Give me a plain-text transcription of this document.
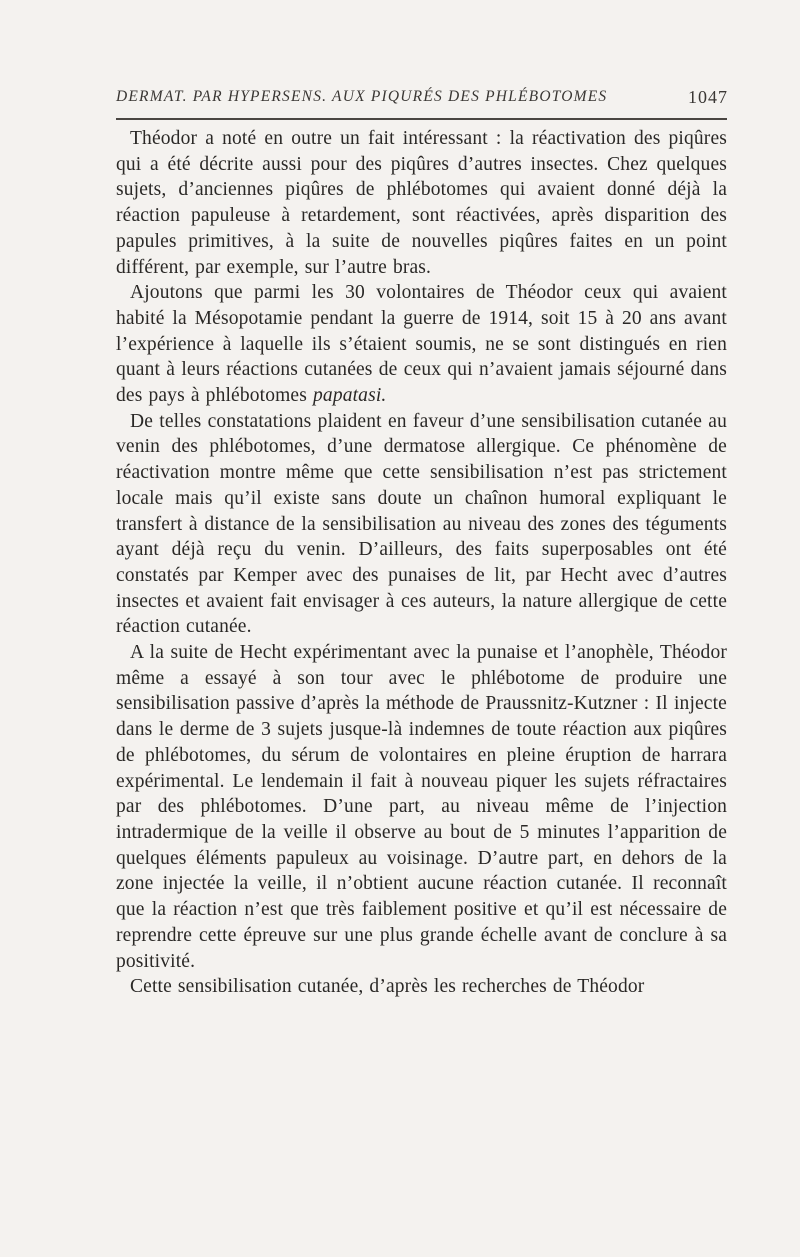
DERMAT. PAR HYPERSENS. AUX PIQURÉS DES PHLÉBOTOMES	1047

Théodor a noté en outre un fait intéressant : la réactivation des piqûres qui a été décrite aussi pour des piqûres d’autres insectes. Chez quelques sujets, d’anciennes piqûres de phlébotomes qui avaient donné déjà la réaction papuleuse à retardement, sont réactivées, après disparition des papules primitives, à la suite de nouvelles piqûres faites en un point différent, par exemple, sur l’autre bras.

Ajoutons que parmi les 30 volontaires de Théodor ceux qui avaient habité la Mésopotamie pendant la guerre de 1914, soit 15 à 20 ans avant l’expérience à laquelle ils s’étaient soumis, ne se sont distingués en rien quant à leurs réactions cutanées de ceux qui n’avaient jamais séjourné dans des pays à phlébotomes papatasi.

De telles constatations plaident en faveur d’une sensibilisation cutanée au venin des phlébotomes, d’une dermatose allergique. Ce phénomène de réactivation montre même que cette sensibilisation n’est pas strictement locale mais qu’il existe sans doute un chaînon humoral expliquant le transfert à distance de la sensibilisation au niveau des zones des téguments ayant déjà reçu du venin. D’ailleurs, des faits superposables ont été constatés par Kemper avec des punaises de lit, par Hecht avec d’autres insectes et avaient fait envisager à ces auteurs, la nature allergique de cette réaction cutanée.

A la suite de Hecht expérimentant avec la punaise et l’anophèle, Théodor même a essayé à son tour avec le phlébotome de produire une sensibilisation passive d’après la méthode de Praussnitz-Kutzner : Il injecte dans le derme de 3 sujets jusque-là indemnes de toute réaction aux piqûres de phlébotomes, du sérum de volontaires en pleine éruption de harrara expérimental. Le lendemain il fait à nouveau piquer les sujets réfractaires par des phlébotomes. D’une part, au niveau même de l’injection intradermique de la veille il observe au bout de 5 minutes l’apparition de quelques éléments papuleux au voisinage. D’autre part, en dehors de la zone injectée la veille, il n’obtient aucune réaction cutanée. Il reconnaît que la réaction n’est que très faiblement positive et qu’il est nécessaire de reprendre cette épreuve sur une plus grande échelle avant de conclure à sa positivité.

Cette sensibilisation cutanée, d’après les recherches de Théodor
